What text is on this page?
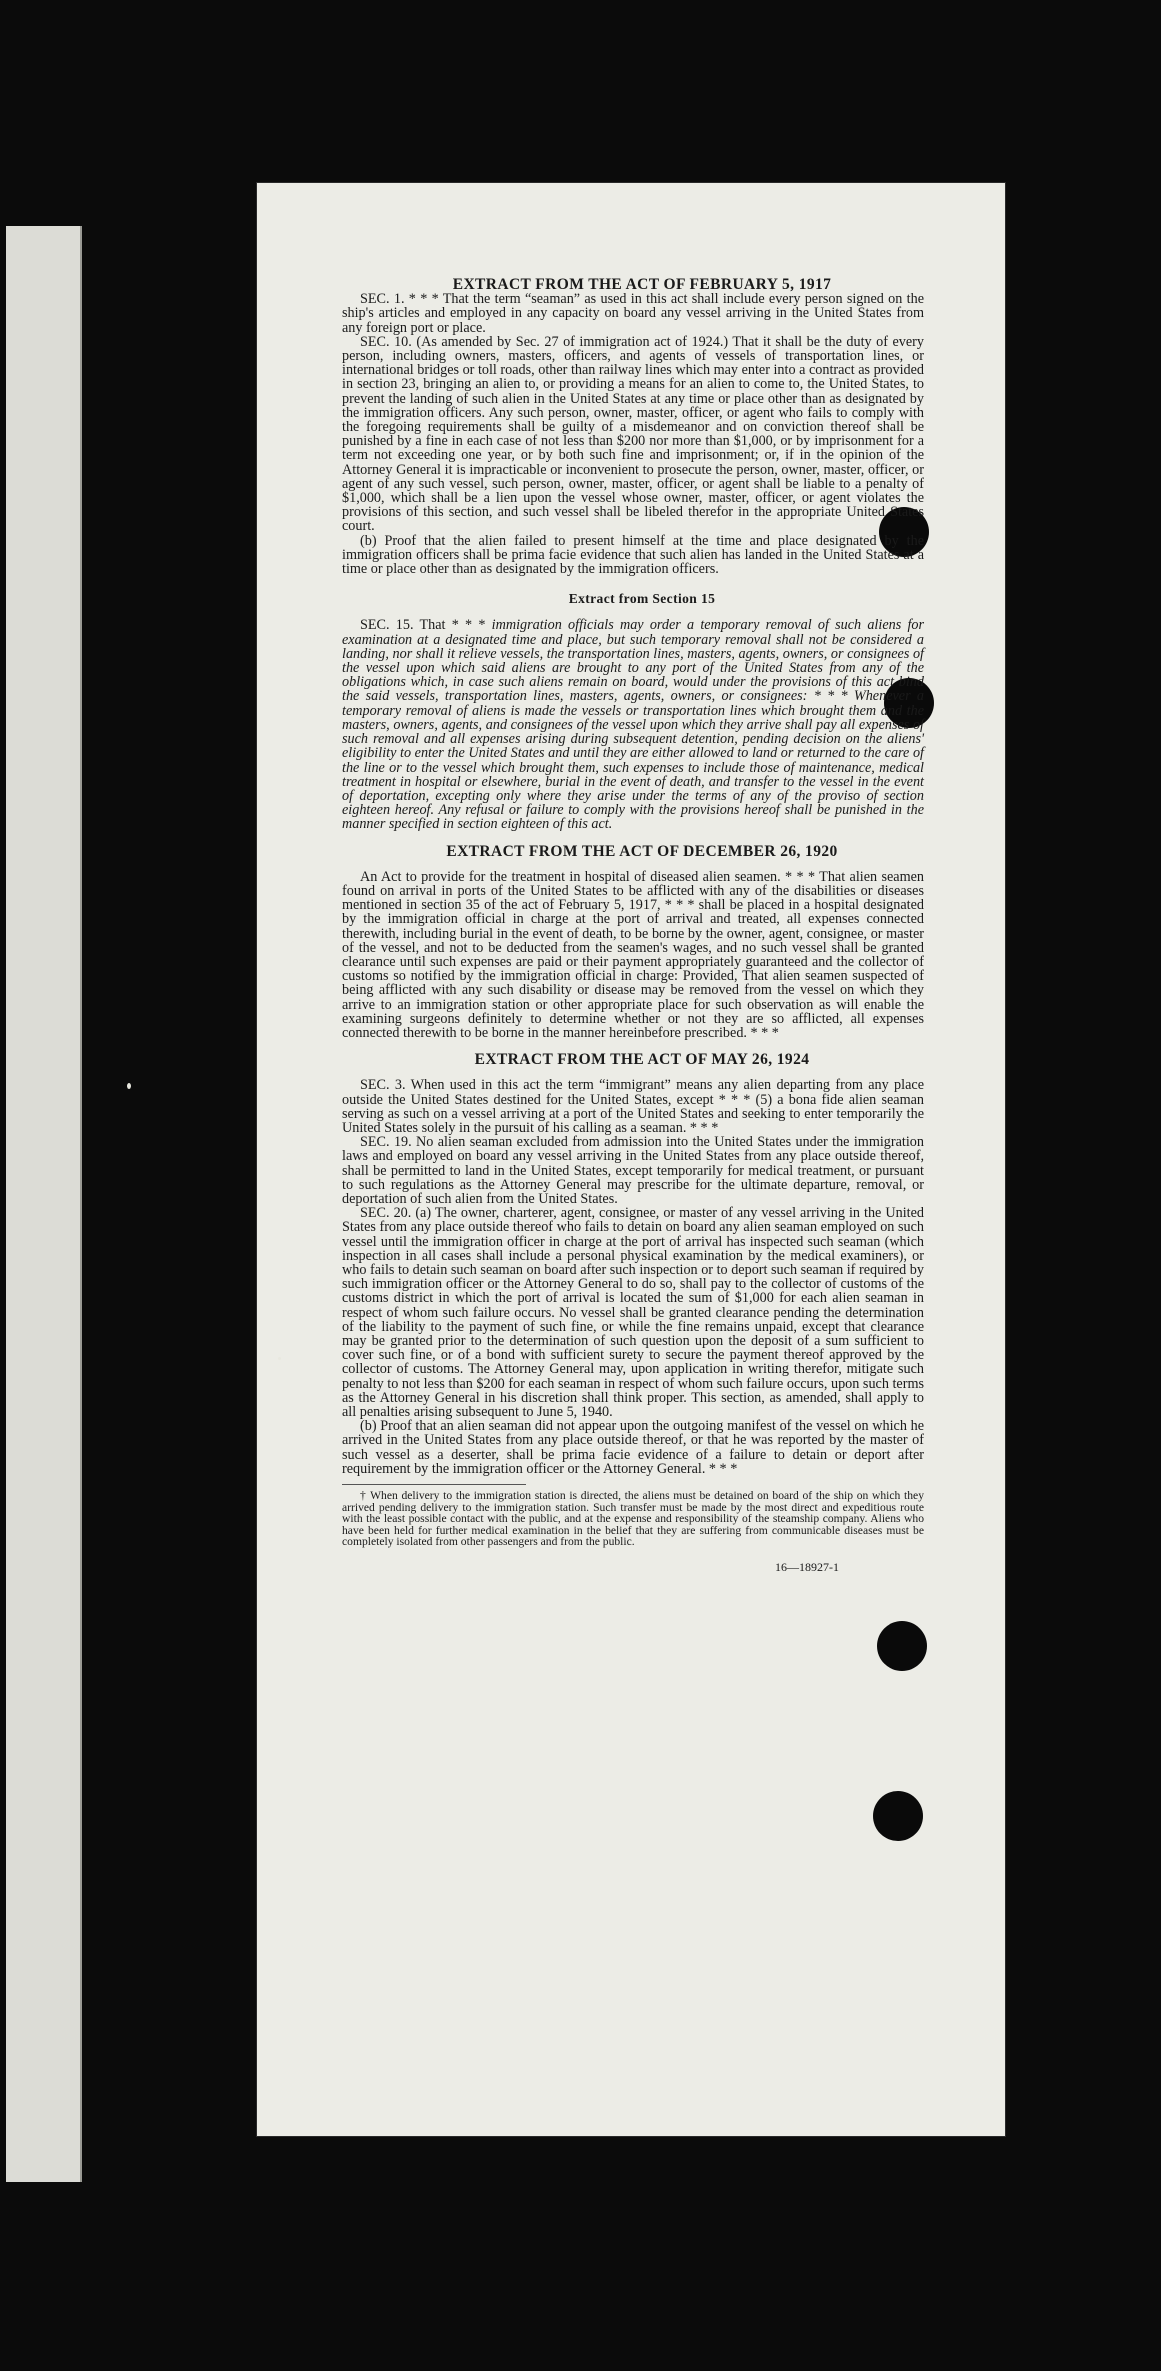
EXTRACT FROM THE ACT OF FEBRUARY 5, 1917

SEC. 1. * * * That the term “seaman” as used in this act shall include every person signed on the ship's articles and employed in any capacity on board any vessel arriving in the United States from any foreign port or place.

SEC. 10. (As amended by Sec. 27 of immigration act of 1924.) That it shall be the duty of every person, including owners, masters, officers, and agents of vessels of transportation lines, or international bridges or toll roads, other than railway lines which may enter into a contract as provided in section 23, bringing an alien to, or providing a means for an alien to come to, the United States, to prevent the landing of such alien in the United States at any time or place other than as designated by the immigration officers. Any such person, owner, master, officer, or agent who fails to comply with the foregoing requirements shall be guilty of a misdemeanor and on conviction thereof shall be punished by a fine in each case of not less than $200 nor more than $1,000, or by imprisonment for a term not exceeding one year, or by both such fine and imprisonment; or, if in the opinion of the Attorney General it is impracticable or inconvenient to prosecute the person, owner, master, officer, or agent of any such vessel, such person, owner, master, officer, or agent shall be liable to a penalty of $1,000, which shall be a lien upon the vessel whose owner, master, officer, or agent violates the provisions of this section, and such vessel shall be libeled therefor in the appropriate United States court.

(b) Proof that the alien failed to present himself at the time and place designated by the immigration officers shall be prima facie evidence that such alien has landed in the United States at a time or place other than as designated by the immigration officers.

Extract from Section 15

SEC. 15. That * * * immigration officials may order a temporary removal of such aliens for examination at a designated time and place, but such temporary removal shall not be considered a landing, nor shall it relieve vessels, the transportation lines, masters, agents, owners, or consignees of the vessel upon which said aliens are brought to any port of the United States from any of the obligations which, in case such aliens remain on board, would under the provisions of this act bind the said vessels, transportation lines, masters, agents, owners, or consignees: * * * Whenever a temporary removal of aliens is made the vessels or transportation lines which brought them and the masters, owners, agents, and consignees of the vessel upon which they arrive shall pay all expenses of such removal and all expenses arising during subsequent detention, pending decision on the aliens' eligibility to enter the United States and until they are either allowed to land or returned to the care of the line or to the vessel which brought them, such expenses to include those of maintenance, medical treatment in hospital or elsewhere, burial in the event of death, and transfer to the vessel in the event of deportation, excepting only where they arise under the terms of any of the proviso of section eighteen hereof. Any refusal or failure to comply with the provisions hereof shall be punished in the manner specified in section eighteen of this act.

EXTRACT FROM THE ACT OF DECEMBER 26, 1920

An Act to provide for the treatment in hospital of diseased alien seamen. * * * That alien seamen found on arrival in ports of the United States to be afflicted with any of the disabilities or diseases mentioned in section 35 of the act of February 5, 1917, * * * shall be placed in a hospital designated by the immigration official in charge at the port of arrival and treated, all expenses connected therewith, including burial in the event of death, to be borne by the owner, agent, consignee, or master of the vessel, and not to be deducted from the seamen's wages, and no such vessel shall be granted clearance until such expenses are paid or their payment appropriately guaranteed and the collector of customs so notified by the immigration official in charge: Provided, That alien seamen suspected of being afflicted with any such disability or disease may be removed from the vessel on which they arrive to an immigration station or other appropriate place for such observation as will enable the examining surgeons definitely to determine whether or not they are so afflicted, all expenses connected therewith to be borne in the manner hereinbefore prescribed. * * *

EXTRACT FROM THE ACT OF MAY 26, 1924

SEC. 3. When used in this act the term “immigrant” means any alien departing from any place outside the United States destined for the United States, except * * * (5) a bona fide alien seaman serving as such on a vessel arriving at a port of the United States and seeking to enter temporarily the United States solely in the pursuit of his calling as a seaman. * * *

SEC. 19. No alien seaman excluded from admission into the United States under the immigration laws and employed on board any vessel arriving in the United States from any place outside thereof, shall be permitted to land in the United States, except temporarily for medical treatment, or pursuant to such regulations as the Attorney General may prescribe for the ultimate departure, removal, or deportation of such alien from the United States.

SEC. 20. (a) The owner, charterer, agent, consignee, or master of any vessel arriving in the United States from any place outside thereof who fails to detain on board any alien seaman employed on such vessel until the immigration officer in charge at the port of arrival has inspected such seaman (which inspection in all cases shall include a personal physical examination by the medical examiners), or who fails to detain such seaman on board after such inspection or to deport such seaman if required by such immigration officer or the Attorney General to do so, shall pay to the collector of customs of the customs district in which the port of arrival is located the sum of $1,000 for each alien seaman in respect of whom such failure occurs. No vessel shall be granted clearance pending the determination of the liability to the payment of such fine, or while the fine remains unpaid, except that clearance may be granted prior to the determination of such question upon the deposit of a sum sufficient to cover such fine, or of a bond with sufficient surety to secure the payment thereof approved by the collector of customs. The Attorney General may, upon application in writing therefor, mitigate such penalty to not less than $200 for each seaman in respect of whom such failure occurs, upon such terms as the Attorney General in his discretion shall think proper. This section, as amended, shall apply to all penalties arising subsequent to June 5, 1940.

(b) Proof that an alien seaman did not appear upon the outgoing manifest of the vessel on which he arrived in the United States from any place outside thereof, or that he was reported by the master of such vessel as a deserter, shall be prima facie evidence of a failure to detain or deport after requirement by the immigration officer or the Attorney General. * * *

† When delivery to the immigration station is directed, the aliens must be detained on board of the ship on which they arrived pending delivery to the immigration station. Such transfer must be made by the most direct and expeditious route with the least possible contact with the public, and at the expense and responsibility of the steamship company. Aliens who have been held for further medical examination in the belief that they are suffering from communicable diseases must be completely isolated from other passengers and from the public.

16—18927-1
